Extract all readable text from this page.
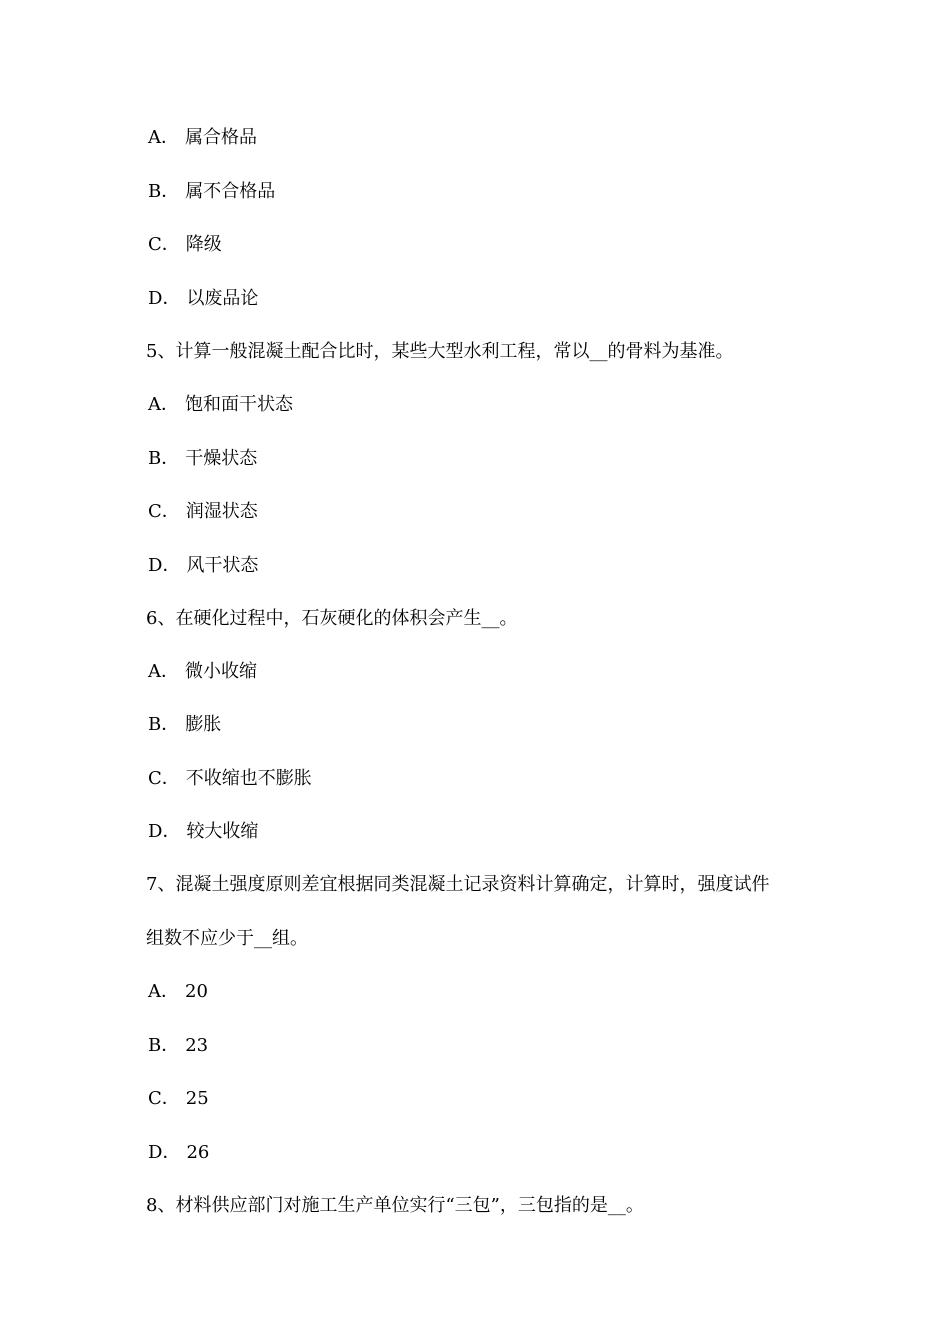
A． 属合格品
B． 属不合格品
C． 降级
D． 以废品论
5、计算一般混凝土配合比时，某些大型水利工程，常以__的骨料为基准。
A． 饱和面干状态
B． 干燥状态
C． 润湿状态
D． 风干状态
6、在硬化过程中，石灰硬化的体积会产生__。
A． 微小收缩
B． 膨胀
C． 不收缩也不膨胀
D． 较大收缩
7、混凝土强度原则差宜根据同类混凝土记录资料计算确定，计算时，强度试件
组数不应少于__组。
A． 20
B． 23
C． 25
D． 26
8、材料供应部门对施工生产单位实行“三包”，三包指的是__。
